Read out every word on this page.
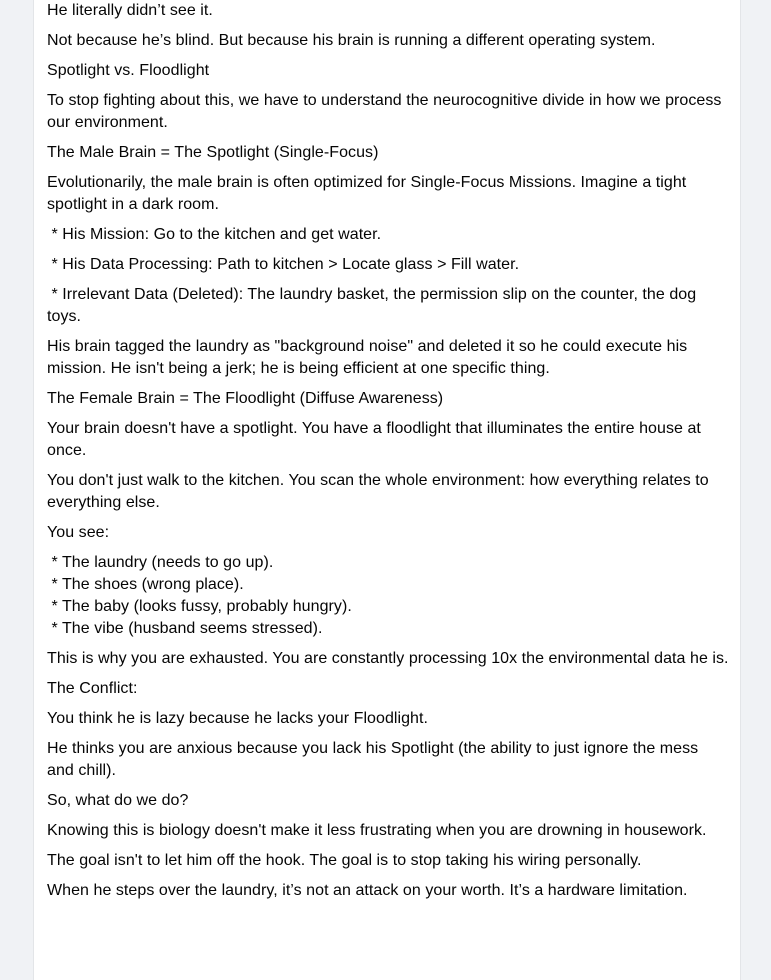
He literally didn’t see it.

Not because he’s blind. But because his brain is running a different operating system.

Spotlight vs. Floodlight

To stop fighting about this, we have to understand the neurocognitive divide in how we process our environment.

The Male Brain = The Spotlight (Single-Focus)

Evolutionarily, the male brain is often optimized for Single-Focus Missions. Imagine a tight spotlight in a dark room.

* His Mission: Go to the kitchen and get water.

* His Data Processing: Path to kitchen > Locate glass > Fill water.

* Irrelevant Data (Deleted): The laundry basket, the permission slip on the counter, the dog toys.

His brain tagged the laundry as "background noise" and deleted it so he could execute his mission. He isn't being a jerk; he is being efficient at one specific thing.

The Female Brain = The Floodlight (Diffuse Awareness)

Your brain doesn't have a spotlight. You have a floodlight that illuminates the entire house at once.

You don't just walk to the kitchen. You scan the whole environment: how everything relates to everything else.

You see:

* The laundry (needs to go up).
* The shoes (wrong place).
* The baby (looks fussy, probably hungry).
* The vibe (husband seems stressed).

This is why you are exhausted. You are constantly processing 10x the environmental data he is.

The Conflict:

You think he is lazy because he lacks your Floodlight.

He thinks you are anxious because you lack his Spotlight (the ability to just ignore the mess and chill).

So, what do we do?

Knowing this is biology doesn't make it less frustrating when you are drowning in housework.

The goal isn't to let him off the hook. The goal is to stop taking his wiring personally.

When he steps over the laundry, it’s not an attack on your worth. It’s a hardware limitation.
